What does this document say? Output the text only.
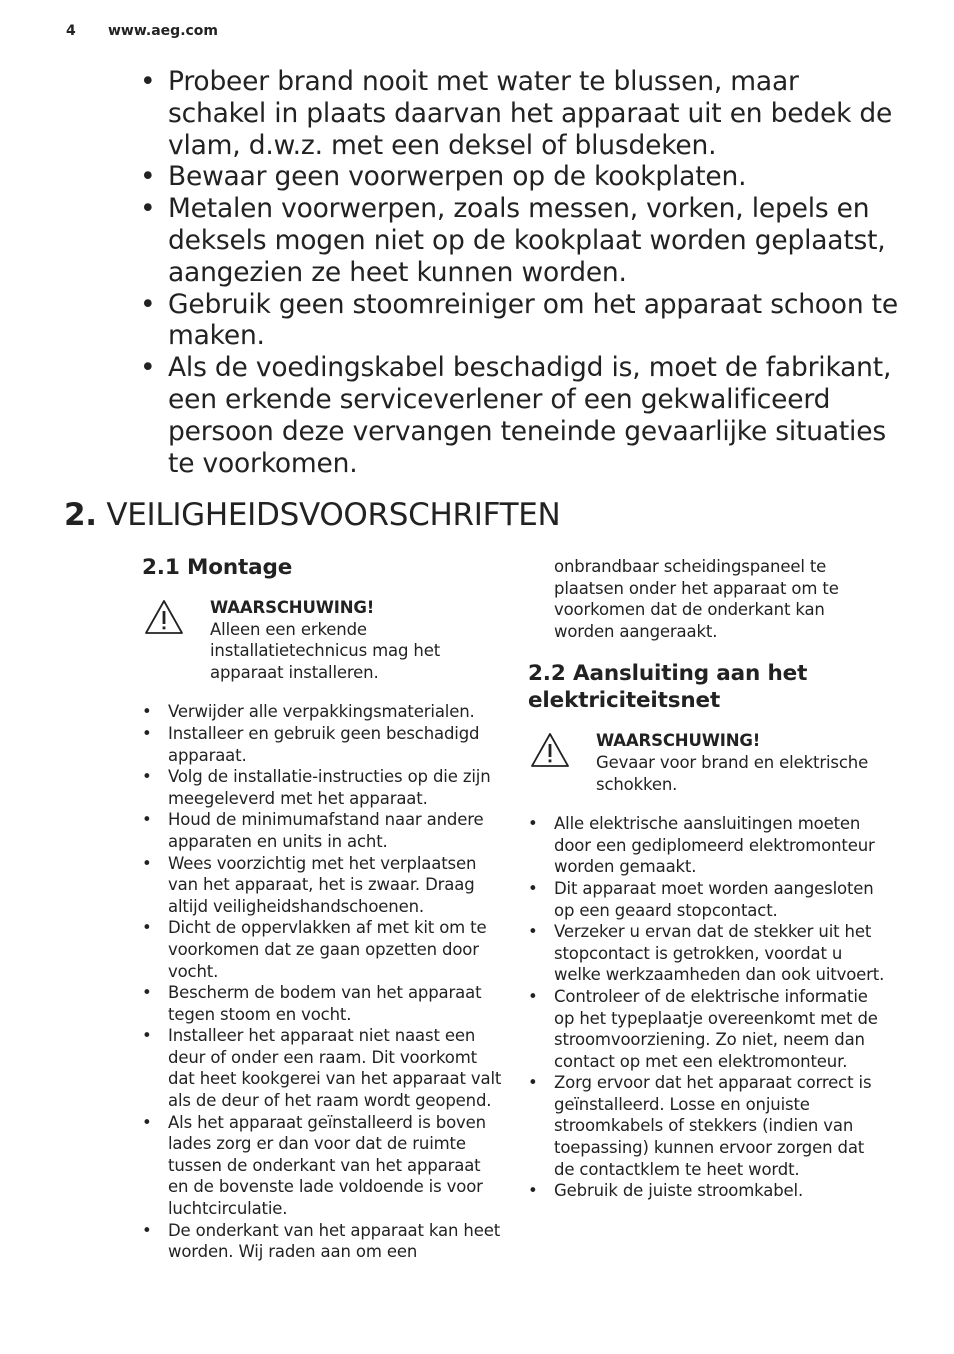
4 www.aeg.com
• Probeer brand nooit met water te blussen, maar schakel in plaats daarvan het apparaat uit en bedek de vlam, d.w.z. met een deksel of blusdeken.
• Bewaar geen voorwerpen op de kookplaten.
• Metalen voorwerpen, zoals messen, vorken, lepels en deksels mogen niet op de kookplaat worden geplaatst, aangezien ze heet kunnen worden.
• Gebruik geen stoomreiniger om het apparaat schoon te maken.
• Als de voedingskabel beschadigd is, moet de fabrikant, een erkende serviceverlener of een gekwalificeerd persoon deze vervangen teneinde gevaarlijke situaties te voorkomen.
2. VEILIGHEIDSVOORSCHRIFTEN
2.1 Montage
WAARSCHUWING!
Alleen een erkende installatietechnicus mag het apparaat installeren.
• Verwijder alle verpakkingsmaterialen.
• Installeer en gebruik geen beschadigd apparaat.
• Volg de installatie-instructies op die zijn meegeleverd met het apparaat.
• Houd de minimumafstand naar andere apparaten en units in acht.
• Wees voorzichtig met het verplaatsen van het apparaat, het is zwaar. Draag altijd veiligheidshandschoenen.
• Dicht de oppervlakken af met kit om te voorkomen dat ze gaan opzetten door vocht.
• Bescherm de bodem van het apparaat tegen stoom en vocht.
• Installeer het apparaat niet naast een deur of onder een raam. Dit voorkomt dat heet kookgerei van het apparaat valt als de deur of het raam wordt geopend.
• Als het apparaat geïnstalleerd is boven lades zorg er dan voor dat de ruimte tussen de onderkant van het apparaat en de bovenste lade voldoende is voor luchtcirculatie.
• De onderkant van het apparaat kan heet worden. Wij raden aan om een
onbrandbaar scheidingspaneel te plaatsen onder het apparaat om te voorkomen dat de onderkant kan worden aangeraakt.
2.2 Aansluiting aan het elektriciteitsnet
WAARSCHUWING!
Gevaar voor brand en elektrische schokken.
• Alle elektrische aansluitingen moeten door een gediplomeerd elektromonteur worden gemaakt.
• Dit apparaat moet worden aangesloten op een geaard stopcontact.
• Verzeker u ervan dat de stekker uit het stopcontact is getrokken, voordat u welke werkzaamheden dan ook uitvoert.
• Controleer of de elektrische informatie op het typeplaatje overeenkomt met de stroomvoorziening. Zo niet, neem dan contact op met een elektromonteur.
• Zorg ervoor dat het apparaat correct is geïnstalleerd. Losse en onjuiste stroomkabels of stekkers (indien van toepassing) kunnen ervoor zorgen dat de contactklem te heet wordt.
• Gebruik de juiste stroomkabel.
